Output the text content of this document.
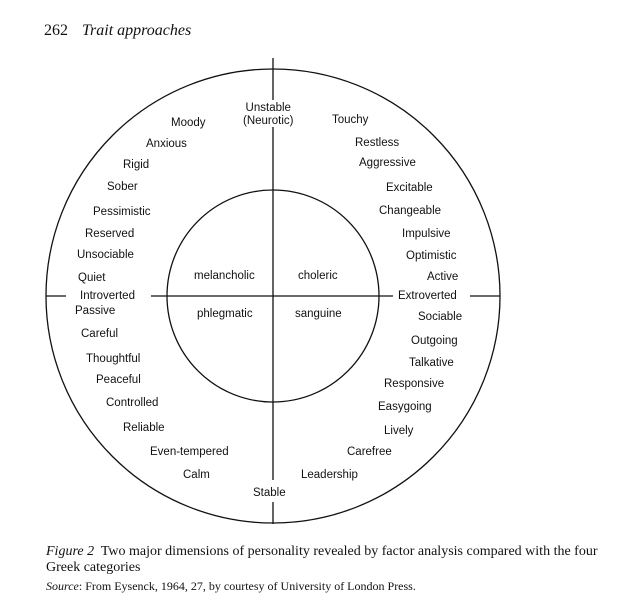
262 Trait approaches
Unstable
(Neurotic)
Stable
Introverted	Extroverted
melancholic	choleric
phlegmatic	sanguine
Moody
Anxious
Rigid
Sober
Pessimistic
Reserved
Unsociable
Quiet
Touchy
Restless
Aggressive
Excitable
Changeable
Impulsive
Optimistic
Active
Passive
Careful
Thoughtful
Peaceful
Controlled
Reliable
Even-tempered
Calm
Sociable
Outgoing
Talkative
Responsive
Easygoing
Lively
Carefree
Leadership
Figure 2 Two major dimensions of personality revealed by factor analysis compared with the four Greek categories
Source: From Eysenck, 1964, 27, by courtesy of University of London Press.
